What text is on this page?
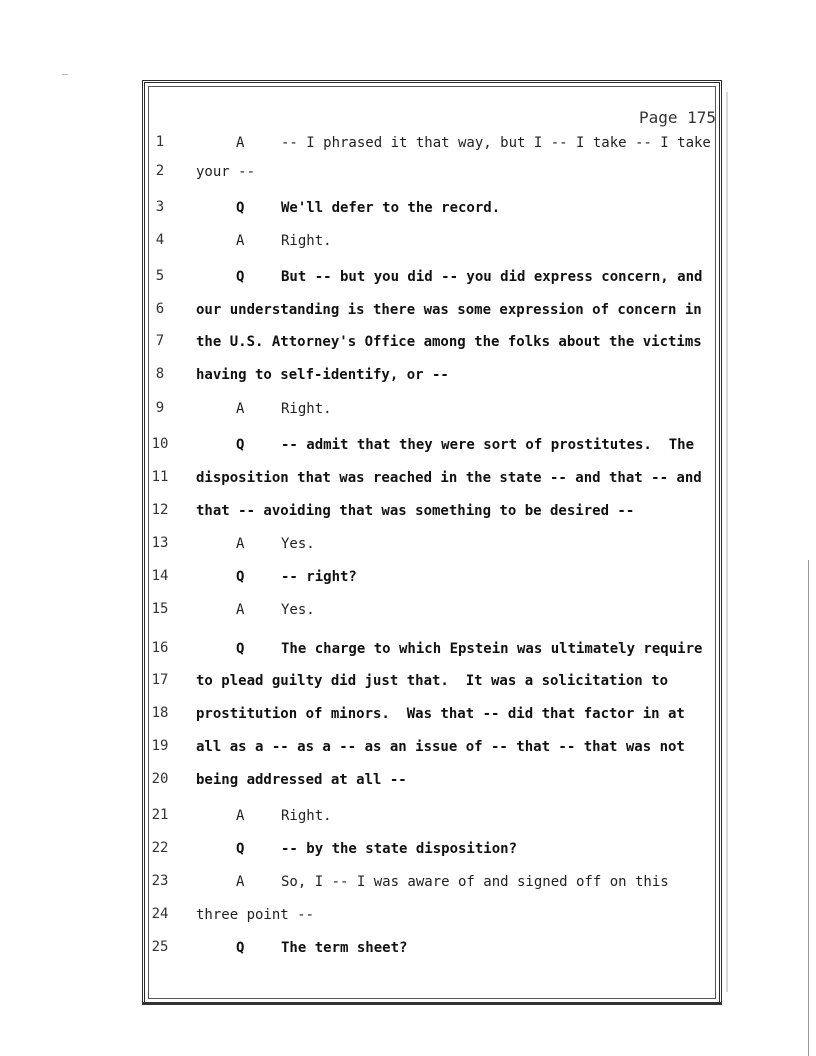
Page 175
1	A	-- I phrased it that way, but I -- I take -- I take
2	your --
3	Q	We'll defer to the record.
4	A	Right.
5	Q	But -- but you did -- you did express concern, and
6	our understanding is there was some expression of concern in
7	the U.S. Attorney's Office among the folks about the victims
8	having to self-identify, or --
9	A	Right.
10	Q	-- admit that they were sort of prostitutes.  The
11 disposition that was reached in the state -- and that -- and
12 that -- avoiding that was something to be desired --
13	A	Yes.
14	Q	-- right?
15	A	Yes.
16	Q	The charge to which Epstein was ultimately require
17 to plead guilty did just that.  It was a solicitation to
18 prostitution of minors.  Was that -- did that factor in at
19 all as a -- as a -- as an issue of -- that -- that was not
20 being addressed at all --
21	A	Right.
22	Q	-- by the state disposition?
23	A	So, I -- I was aware of and signed off on this
24 three point --
25	Q	The term sheet?
